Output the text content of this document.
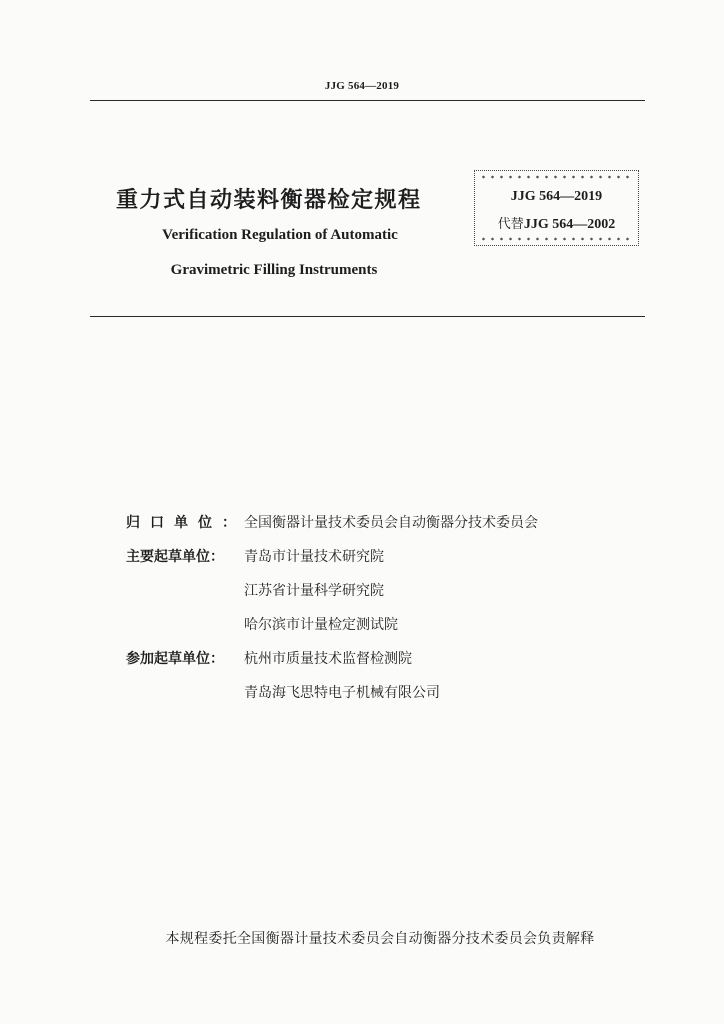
JJG 564—2019
重力式自动装料衡器检定规程
Verification Regulation of Automatic
Gravimetric Filling Instruments
JJG 564—2019
代替JJG 564—2002
归口单位：
全国衡器计量技术委员会自动衡器分技术委员会
主要起草单位：	青岛市计量技术研究院
江苏省计量科学研究院
哈尔滨市计量检定测试院
参加起草单位：	杭州市质量技术监督检测院
青岛海飞思特电子机械有限公司
本规程委托全国衡器计量技术委员会自动衡器分技术委员会负责解释
